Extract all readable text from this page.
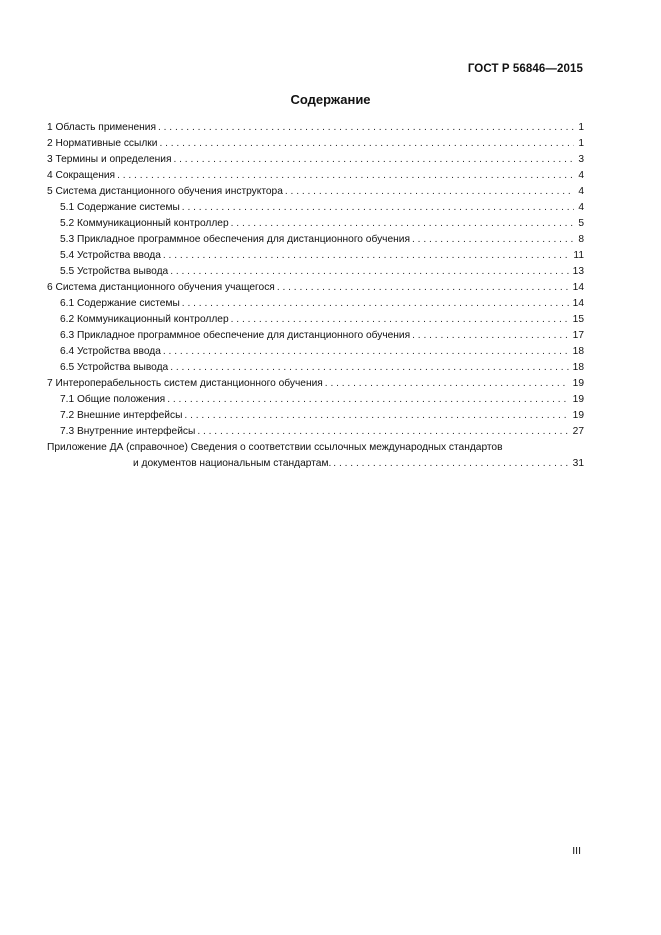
ГОСТ Р 56846—2015
Содержание
1 Область применения . . .	1
2 Нормативные ссылки . . .	1
3 Термины и определения . . .	3
4 Сокращения . . .	4
5 Система дистанционного обучения инструктора . . .	4
5.1 Содержание системы . . .	4
5.2 Коммуникационный контроллер . . .	5
5.3 Прикладное программное обеспечения для дистанционного обучения . . .	8
5.4 Устройства ввода . . .	11
5.5 Устройства вывода . . .	13
6 Система дистанционного обучения учащегося . . .	14
6.1 Содержание системы . . .	14
6.2 Коммуникационный контроллер . . .	15
6.3 Прикладное программное обеспечение для дистанционного обучения . . .	17
6.4 Устройства ввода . . .	18
6.5 Устройства вывода . . .	18
7 Интероперабельность систем дистанционного обучения . . .	19
7.1 Общие положения . . .	19
7.2 Внешние интерфейсы . . .	19
7.3 Внутренние интерфейсы . . .	27
Приложение ДА (справочное) Сведения о соответствии ссылочных международных стандартов
и документов национальным стандартам. . . .	31
III
